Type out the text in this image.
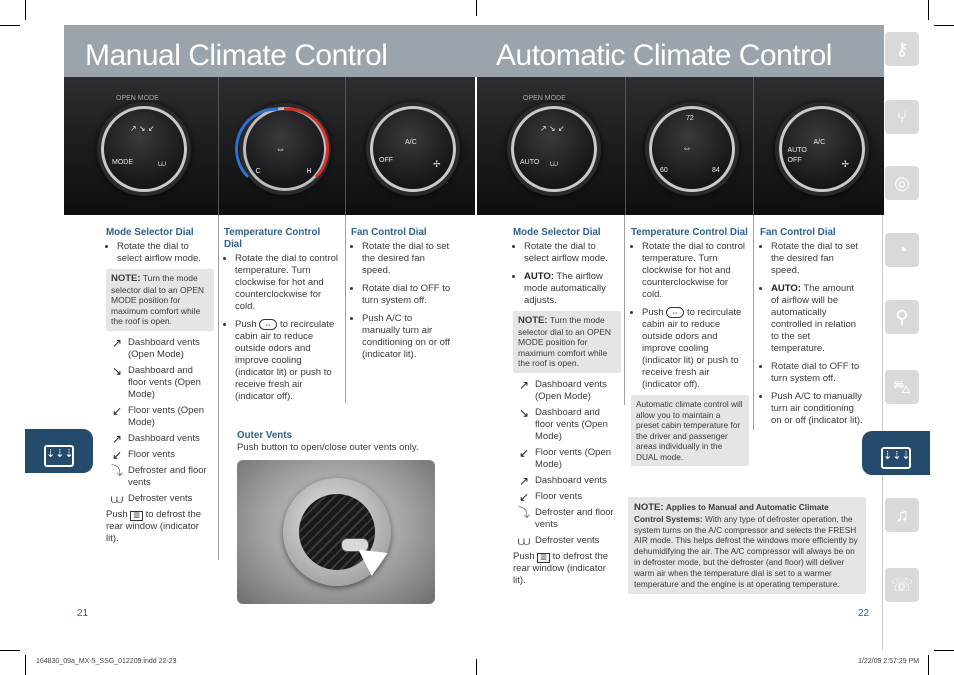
Manual Climate Control	Automatic Climate Control
MODE
↗ ↘ ↙
⩊
OPEN MODE
C	H
⇔
OFF
A/C
✢	AUTO
↗ ↘ ↙
⩊
OPEN MODE
60
72
84
⇔	AUTO
OFF
A/C
✢
Mode Selector Dial
• Rotate the dial to select airflow mode.
NOTE: Turn the mode selector dial to an OPEN MODE position for maximum comfort while the roof is open.
↗ Dashboard vents (Open Mode)
↘ Dashboard and floor vents (Open Mode)
↙ Floor vents (Open Mode)
↗ Dashboard vents
↙ Floor vents
⤵ Defroster and floor vents
⩊ Defroster vents
Push ▥ to defrost the rear window (indicator lit).
Temperature Control Dial
• Rotate the dial to control temperature. Turn clockwise for hot and counterclockwise for cold.
• Push ⇔ to recirculate cabin air to reduce outside odors and improve cooling (indicator lit) or push to receive fresh air (indicator off).
Fan Control Dial
• Rotate the dial to set the desired fan speed.
• Rotate dial to OFF to turn system off.
• Push A/C to manually turn air conditioning on or off (indicator lit).
Outer Vents
Push button to open/close outer vents only.
Mode Selector Dial
• Rotate the dial to select airflow mode.
• AUTO: The airflow mode automatically adjusts.
NOTE: Turn the mode selector dial to an OPEN MODE position for maximum comfort while the roof is open.
↗ Dashboard vents (Open Mode)
↘ Dashboard and floor vents (Open Mode)
↙ Floor vents (Open Mode)
↗ Dashboard vents
↙ Floor vents
⤵ Defroster and floor vents
⩊ Defroster vents
Push ▥ to defrost the rear window (indicator lit).
Temperature Control Dial
• Rotate the dial to control temperature. Turn clockwise for hot and counterclockwise for cold.
• Push ⇔ to recirculate cabin air to reduce outside odors and improve cooling (indicator lit) or push to receive fresh air (indicator off).
Automatic climate control will allow you to maintain a preset cabin temperature for the driver and passenger areas individually in the DUAL mode.
Fan Control Dial
• Rotate the dial to set the desired fan speed.
• AUTO: The amount of airflow will be automatically controlled in relation to the set temperature.
• Rotate dial to OFF to turn system off.
• Push A/C to manually turn air conditioning on or off (indicator lit).
NOTE: Applies to Manual and Automatic Climate Control Systems: With any type of defroster operation, the system turns on the A/C compressor and selects the FRESH AIR mode. This helps defrost the windows more efficiently by dehumidifying the air. The A/C compressor will always be on in defroster mode, but the defroster (and floor) will deliver warm air when the temperature dial is set to a warmer temperature and the engine is at operating temperature.
⇣⇣⇣	⇣⇣⇣
⚷
⑂
◎
◔
⚲
⛍
♫
☏
21	22
164830_09a_MX-5_SSG_012209.indd 22-23	1/22/09 2:57:29 PM
